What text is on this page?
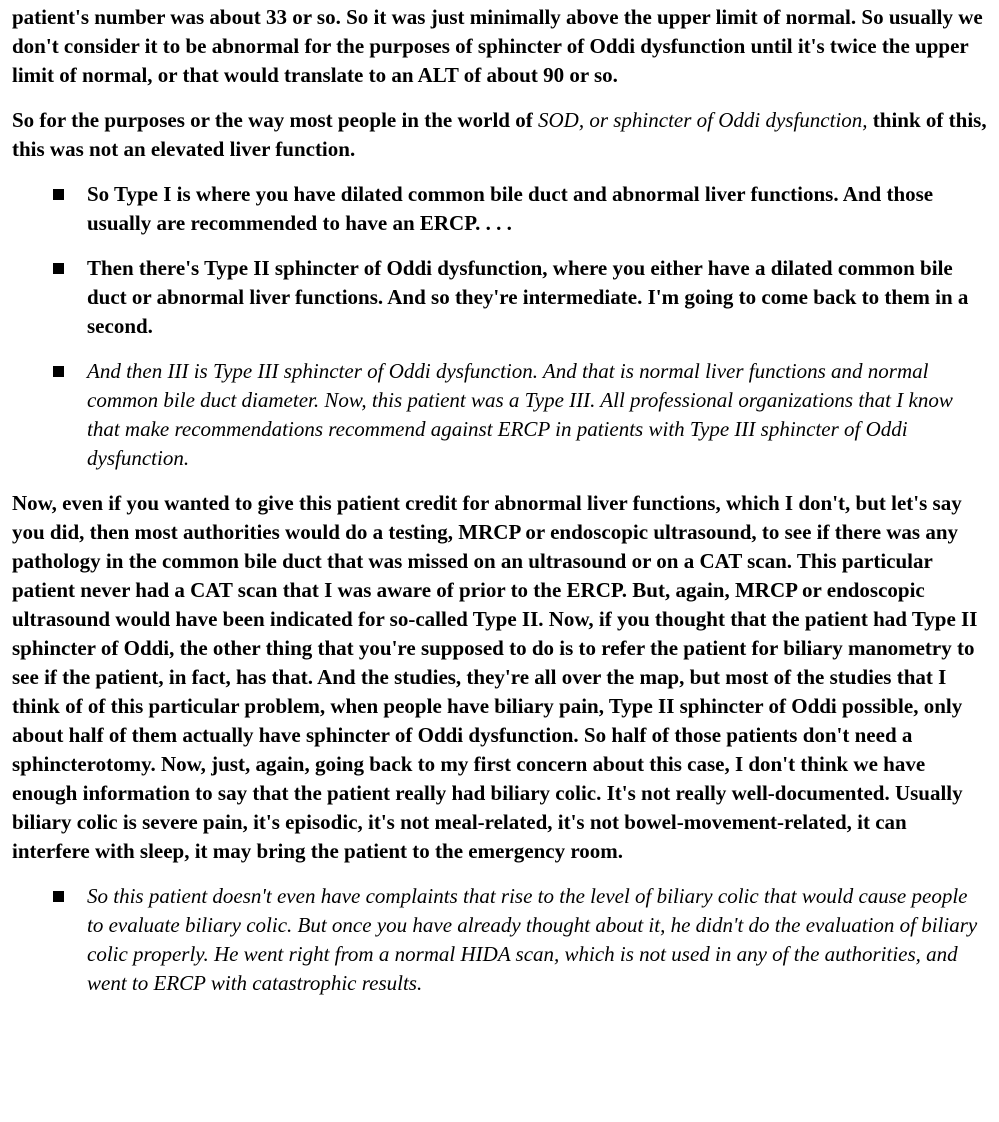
patient's number was about 33 or so. So it was just minimally above the upper limit of normal. So usually we don't consider it to be abnormal for the purposes of sphincter of Oddi dysfunction until it's twice the upper limit of normal, or that would translate to an ALT of about 90 or so.

So for the purposes or the way most people in the world of SOD, or sphincter of Oddi dysfunction, think of this, this was not an elevated liver function.

So Type I is where you have dilated common bile duct and abnormal liver functions. And those usually are recommended to have an ERCP. . . .

Then there's Type II sphincter of Oddi dysfunction, where you either have a dilated common bile duct or abnormal liver functions. And so they're intermediate. I'm going to come back to them in a second.

And then III is Type III sphincter of Oddi dysfunction. And that is normal liver functions and normal common bile duct diameter. Now, this patient was a Type III. All professional organizations that I know that make recommendations recommend against ERCP in patients with Type III sphincter of Oddi dysfunction.

Now, even if you wanted to give this patient credit for abnormal liver functions, which I don't, but let's say you did, then most authorities would do a testing, MRCP or endoscopic ultrasound, to see if there was any pathology in the common bile duct that was missed on an ultrasound or on a CAT scan. This particular patient never had a CAT scan that I was aware of prior to the ERCP. But, again, MRCP or endoscopic ultrasound would have been indicated for so-called Type II. Now, if you thought that the patient had Type II sphincter of Oddi, the other thing that you're supposed to do is to refer the patient for biliary manometry to see if the patient, in fact, has that. And the studies, they're all over the map, but most of the studies that I think of of this particular problem, when people have biliary pain, Type II sphincter of Oddi possible, only about half of them actually have sphincter of Oddi dysfunction. So half of those patients don't need a sphincterotomy. Now, just, again, going back to my first concern about this case, I don't think we have enough information to say that the patient really had biliary colic. It's not really well-documented. Usually biliary colic is severe pain, it's episodic, it's not meal-related, it's not bowel-movement-related, it can interfere with sleep, it may bring the patient to the emergency room.

So this patient doesn't even have complaints that rise to the level of biliary colic that would cause people to evaluate biliary colic. But once you have already thought about it, he didn't do the evaluation of biliary colic properly. He went right from a normal HIDA scan, which is not used in any of the authorities, and went to ERCP with catastrophic results.
